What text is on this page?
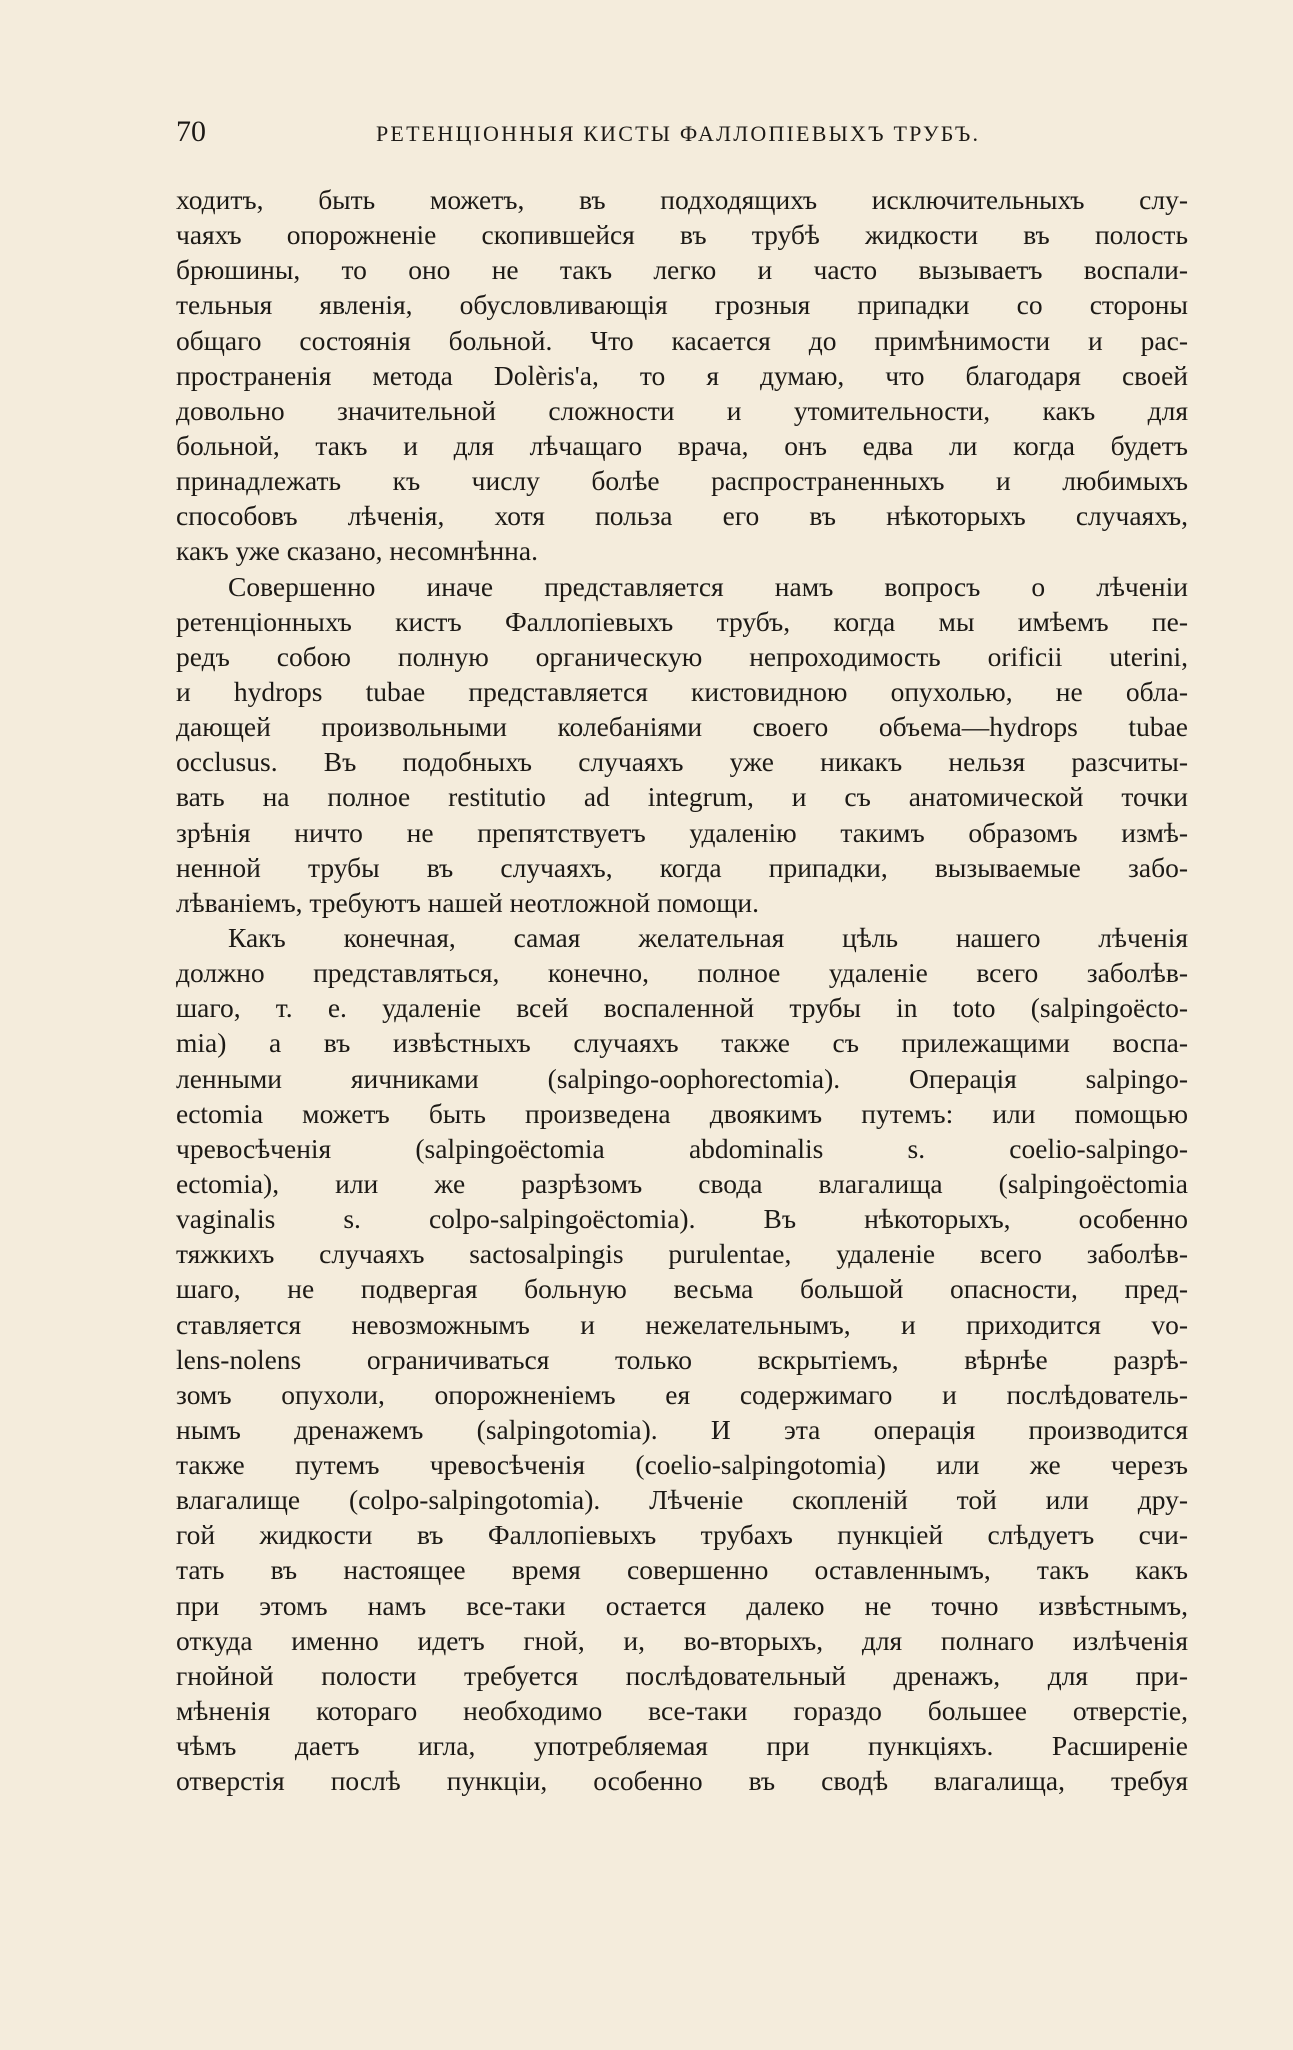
70	РЕТЕНЦIОННЫЯ КИСТЫ ФАЛЛОПIЕВЫХЪ ТРУБЪ.
ходитъ, быть можетъ, въ подходящихъ исключительныхъ слу-
чаяхъ опорожненiе скопившейся въ трубѣ жидкости въ полость
брюшины, то оно не такъ легко и часто вызываетъ воспали-
тельныя явленiя, обусловливающiя грозныя припадки со стороны
общаго состоянiя больной. Что касается до примѣнимости и рас-
пространенiя метода Dolèris'а, то я думаю, что благодаря своей
довольно значительной сложности и утомительности, какъ для
больной, такъ и для лѣчащаго врача, онъ едва ли когда будетъ
принадлежать къ числу болѣе распространенныхъ и любимыхъ
способовъ лѣченiя, хотя польза его въ нѣкоторыхъ случаяхъ,
какъ уже сказано, несомнѣнна.
Совершенно иначе представляется намъ вопросъ о лѣченiи
ретенцiонныхъ кистъ Фаллопiевыхъ трубъ, когда мы имѣемъ пе-
редъ собою полную органическую непроходимость orificii uterini,
и hydrops tubae представляется кистовидною опухолью, не обла-
дающей произвольными колебанiями своего объема—hydrops tubae
occlusus. Въ подобныхъ случаяхъ уже никакъ нельзя разсчиты-
вать на полное restitutio ad integrum, и съ анатомической точки
зрѣнiя ничто не препятствуетъ удаленiю такимъ образомъ измѣ-
ненной трубы въ случаяхъ, когда припадки, вызываемые забо-
лѣванiемъ, требуютъ нашей неотложной помощи.
Какъ конечная, самая желательная цѣль нашего лѣченiя
должно представляться, конечно, полное удаленiе всего заболѣв-
шаго, т. е. удаленiе всей воспаленной трубы in toto (salpingoëcto-
mia) а въ извѣстныхъ случаяхъ также съ прилежащими воспа-
ленными яичниками (salpingo-oophorectomia). Операцiя salpingo-
ectomia можетъ быть произведена двоякимъ путемъ: или помощью
чревосѣченiя (salpingoëctomia abdominalis s. coelio-salpingo-
ectomia), или же разрѣзомъ свода влагалища (salpingoëctomia
vaginalis s. colpo-salpingoëctomia). Въ нѣкоторыхъ, особенно
тяжкихъ случаяхъ sactosalpingis purulentae, удаленiе всего заболѣв-
шаго, не подвергая больную весьма большой опасности, пред-
ставляется невозможнымъ и нежелательнымъ, и приходится vo-
lens-nolens ограничиваться только вскрытiемъ, вѣрнѣе разрѣ-
зомъ опухоли, опорожненiемъ ея содержимаго и послѣдователь-
нымъ дренажемъ (salpingotomia). И эта операцiя производится
также путемъ чревосѣченiя (coelio-salpingotomia) или же черезъ
влагалище (colpo-salpingotomia). Лѣченiе скопленiй той или дру-
гой жидкости въ Фаллопiевыхъ трубахъ пункцiей слѣдуетъ счи-
тать въ настоящее время совершенно оставленнымъ, такъ какъ
при этомъ намъ все-таки остается далеко не точно извѣстнымъ,
откуда именно идетъ гной, и, во-вторыхъ, для полнаго излѣченiя
гнойной полости требуется послѣдовательный дренажъ, для при-
мѣненiя котораго необходимо все-таки гораздо большее отверстiе,
чѣмъ даетъ игла, употребляемая при пункцiяхъ. Расширенiе
отверстiя послѣ пункцiи, особенно въ сводѣ влагалища, требуя
